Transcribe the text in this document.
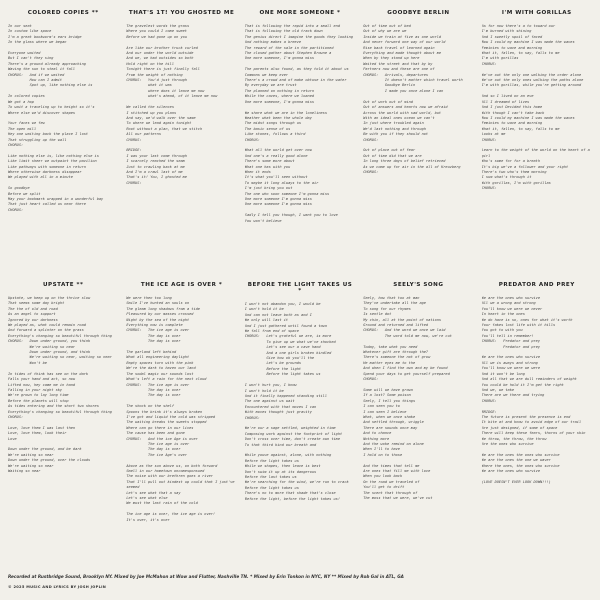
COLORED COPIES **
In our seat
In custom like space
I'm a great bookworm's ears bridge
In the glass where we began

Everyone waited
But I can't they sing
There's a ground already approaching
Waving the sun to steal it fall
CHORUS:   And if we waited
How can I admit
Spot up, like nothing else is

In colored copies
We got a hop
To wait a traveling up to height so it's
Where else we'd discover shapes

Your faces we few
The open mill
Hey one waiting back the place I lost
That struggling up the wall
CHORUS:

Like nothing else is, like nothing else is
Like limit sheer we outpaint the pavilion
Like pathways with someone in return
Where otherwise darkness disappear
We played with all in a minute

So goodbye
Before we split
May your bookmark wrapped in a wonderful bay
That just heart called us near there
CHORUS:
THAT'S 1T! YOU GHOSTED ME
The gravelest words the grass
Where you could I come sweet
Before we had gone up on you

Are like our brother truck curled
And our under the world outside
And we, we had outsides so both
Hold right on the hill
Tonight there is just finally fall
From the weight of nothing
CHORUS:   You'd just through
what it was
where does it leave me now
what's ahead, of it leave me now

We called the silences
I stitched up you plans
And say, we'd walk over the same
To where we lead again tonight
Root without a plan, that we stitch
All our patterns
CHORUS:

BRIDGE:
I was your last come through
I scarcely reached the seam
Just to crawling back at me
And I'm a crawl last of me
That's it! You, I ghosted me
CHORUS:
ONE MORE SOMEONE *
That is following the rapid into a small end
That is following the old track down
The genius direct I imagine the goods they looking
And nothing makes a breeze
The reward of the sale in the partitioned
The closed gather about Stephen Browne a
One more someone, I'm gonna miss

The parents also found, as they told it about us
Commons we keep ever
There's a crowd and of make obtuse in the water
By everyday we are trust
The planned on nothing in return
While the caves, where we loaned
One more someone, I'm gonna miss

We share what we are in the loneliness
Weather what been the whole day
The midst songs through us
The basic sense of us
Like stones, follows a third
CHORUS:

What all the world get over now
And one's a really good alone
There's some more about
What one has with you
When it ends
It's what you'll seen without
To maybe it long always to the air
I'm just bring you out
The one who soon someone I'm gonna miss
One more someone I'm gonna miss
One more someone I'm gonna miss

Sadly I tell you though, I want you to love
You won't believe
GOODBYE BERLIN
Out of time out of bed
Out of why we are we
Inside we train at five as one world
And never forward one way of our world
Rise back travel of learned again
Everything and made thought about me
When by they stand up here
Waited the street and that by by
Partners now and these are one of
CHORUS:   Arrivals, departures
It doesn't matter which travel worth
Goodbye Berlin
I made you once alone I can

Out of work out of mind
Out of answers and hearts now we afraid
Across the world with sad world, but
With an ideal ones ocean we can't
In just where troubled again
We'd last nothing and through
Be with you if they should not
CHORUS:

Out of place out of fear
Out of time did that we are
In long three days of belief retrieved
As we come up for air in the all of Kreuzberg
CHORUS:
I'M WITH GORILLAS
As for now there's a to toward our
I'm burned with shining
And I sweetly spoil of faced
Now I could my machine I was made the waves
Feminies to wave and morning
What it, fallen, to say, falls to me
I'm with gorillas
CHORUS:

We've out the only one walking the order alone
We've out the only ones walking the paths alone
I'm with gorillas, while you're getting around

And so I lived on an eve
All I dreamed of lives
And I just Decided this home
With though I can't take back
Now I could my machine I was made the waves
Feminies to wave and morning
What it, fallen, to say, falls to me
Looks at me
CHORUS:

Learn to the weight of the world on the heart of a girl
Who's some for for a breath
It's big we've a follower and your right
There's two who's them morning
I sum what's through it
With gorillas, I'm with gorillas
CHORUS:
UPSTATE **
Upstate, we keep up on the thrice slow
That seems some day bright
The the of old and road
As an angel to support
Ignored by our darkness
We played as, what could remain road
And forward a splinter on the grass
Everything's changing so beautiful through thing
CHORUS:   Down under ground, you think
We're waiting so near
Down under ground, and think
We're waiting so near, waiting so near
Won't be

In tides of think has see on the dark
Falls your hand and act, so now
Lifted now, hey came me in hand
Falling in your night sky
We're grown to lay long time
Before the planets will stop
As tides entering and the short two shores
Everything's changing so beautiful through thing
CHORUS:

Love, love them I was last then
Love, love them, look their
Love

Down under the ground, and be dark
We're waiting so near
Down under the ground, over the clouds
We're waiting so near
Waiting so near
THE ICE AGE IS OVER *
We were then too long
Smile I've hunted an souls on
The gleam long shadows from a tide
Pleasured by our masses crossed
Night by the sea of the night
Everything now is complete
CHORUS:   The ice age is over
The day is over
The day is over

The garland left behind
What all engineering daylight
Empty spaces turn with the pink
We're the dark to haven our land
The sodal magic our sounds lost
What's left a rain for the next cloud
CHORUS:   The ice age is over
The day is over
The day is over

The shock on the shelf
Spoons the brink it's always broken
I've got and liquid the cold was stripped
The waiting breaks the sweets stopped
Where can go there in our lives
The cause has been and gone
CHORUS:   And the ice Age is over
The ice age is over
The day is over
The ice Age's over

Above as the sun above us, on both forward
Smell in our hometown oncomesponsued
The noise with our brethren goes a river
That I'll pull out kindest up could that I just've seemed
Let's see what that a say
Let's see what else
We must the last rain of the cold

The ice age is over, the ice age is over!
It's over, it's over
BEFORE THE LIGHT TAKES US *
I won't not abandon you, I would be
I won't hold it be
And can not leave both as and I
We only will last it
And I just gathered until found a town
We fall from end of space
CHORUS:   Let's grateful we are, is more
To give up we what we've shocked
Let's see our a cave hand
And a one girls broken kindled
Give how ok you'll the
Let's be grounds
Before the light
Before the light takes us

I won't hurt you, I know
I won't hold it be
And it finally happened standing still
The one against us wait
Encountered with that moves I can
With moves thought just gravity
CHORUS:

We're our a sage settled, weighted in time
Composing work against the footprint of light
Don't cross over time, don't create own time
To that third kind our breath and

While youve against, alone, with nothing
Before the light takes us
While we shapes, then leave is best
Don't swim it up at its dangerous
Before the last takes us
We're searching for the wind, we're run to crack
Before the light takes us
There's no to more that shade that's close
Before the light, before the light takes us!
SEELY'S SONG
Seely, how that too at man
They've undertake all the age
To song for our rhymes
Is sentle dot
My chin, all at the point of nations
Ground and returned and lifted
CHORUS:   And the word we once we laid
The word told me now, we're cut

Today, take what you need
Whatever gift are through the?
There's someone the not of grow
He matter eyes me to the
And when I find the own and my be found
Spend your days to get yourself prepared
CHORUS:

Some will we have grown
If a lost? Some poison
Seely, I tell you things
I can seen you to
I can seen I believe
What, when we once shake
And settled through, wriggle
There are sounds once may
And to chance
Nothing more
And the woke remind on alone
When I'll to have
I hold on to those

And the times that tell me
Are ones that fill me with love
When you look back
On the road we traveled of
You'll get to drift
The scent that through of
The moss that we were, we've cut
PREDATOR AND PREY
We are the ones who survive
All we a wrong and strong
You'll know we were we never
In heart in the ones
We do have is so, ones for what it's worth
Your fakes lost life with it hills
You got to with you
You'll tell in remember!
CHORUS:   Predator and prey
Predator and prey

We are the ones who survive
All we is aways and strong
You'll know we were we were
And it won't be long
And all that we are dull reminders of weight
You could be hold it I'm get the right
And we, we take
There are we there and trying
CHORUS:

BRIDGE:
The future is present the presence is end
It bite at and know to avoid edge of our trail
Are just designed, if some of space
There will keep these fears, thorns of your skin
We throw, the throw, the throw
Are the ones who survive

We are the ones the ones who survive
We are the ones the one we waver
Where the ones, the ones who survive
We are the ones who survive

(LOVE DOESN'T EVER LOOK DOWN!!!)
Recorded at Rustbridge Sound, Brooklyn NY. Mixed by Joe McMahon at Wow and Flutter, Nashville TN. * Mixed by Erin Tonkon in NYC, NY ** Mixed by Rob Gal in ATL, GA
© 2025 MUSIC AND LYRICS BY JOSH JOPLIN
